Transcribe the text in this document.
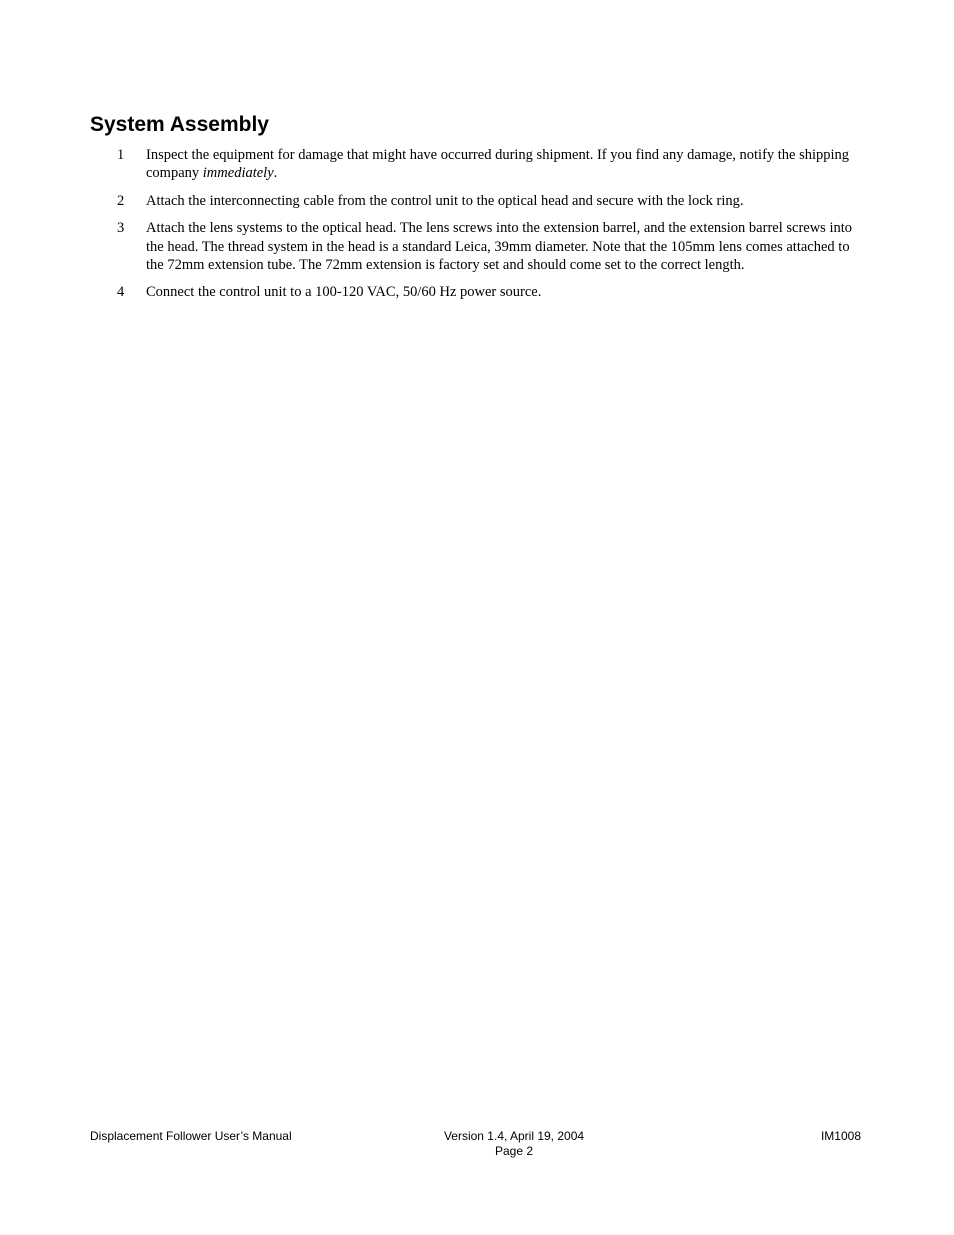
System Assembly
1 Inspect the equipment for damage that might have occurred during shipment. If you find any damage, notify the shipping company immediately.
2 Attach the interconnecting cable from the control unit to the optical head and secure with the lock ring.
3 Attach the lens systems to the optical head. The lens screws into the extension barrel, and the extension barrel screws into the head. The thread system in the head is a standard Leica, 39mm diameter. Note that the 105mm lens comes attached to the 72mm extension tube. The 72mm extension is factory set and should come set to the correct length.
4 Connect the control unit to a 100-120 VAC, 50/60 Hz power source.
Displacement Follower User’s Manual	Version 1.4, April 19, 2004
Page 2
IM1008
